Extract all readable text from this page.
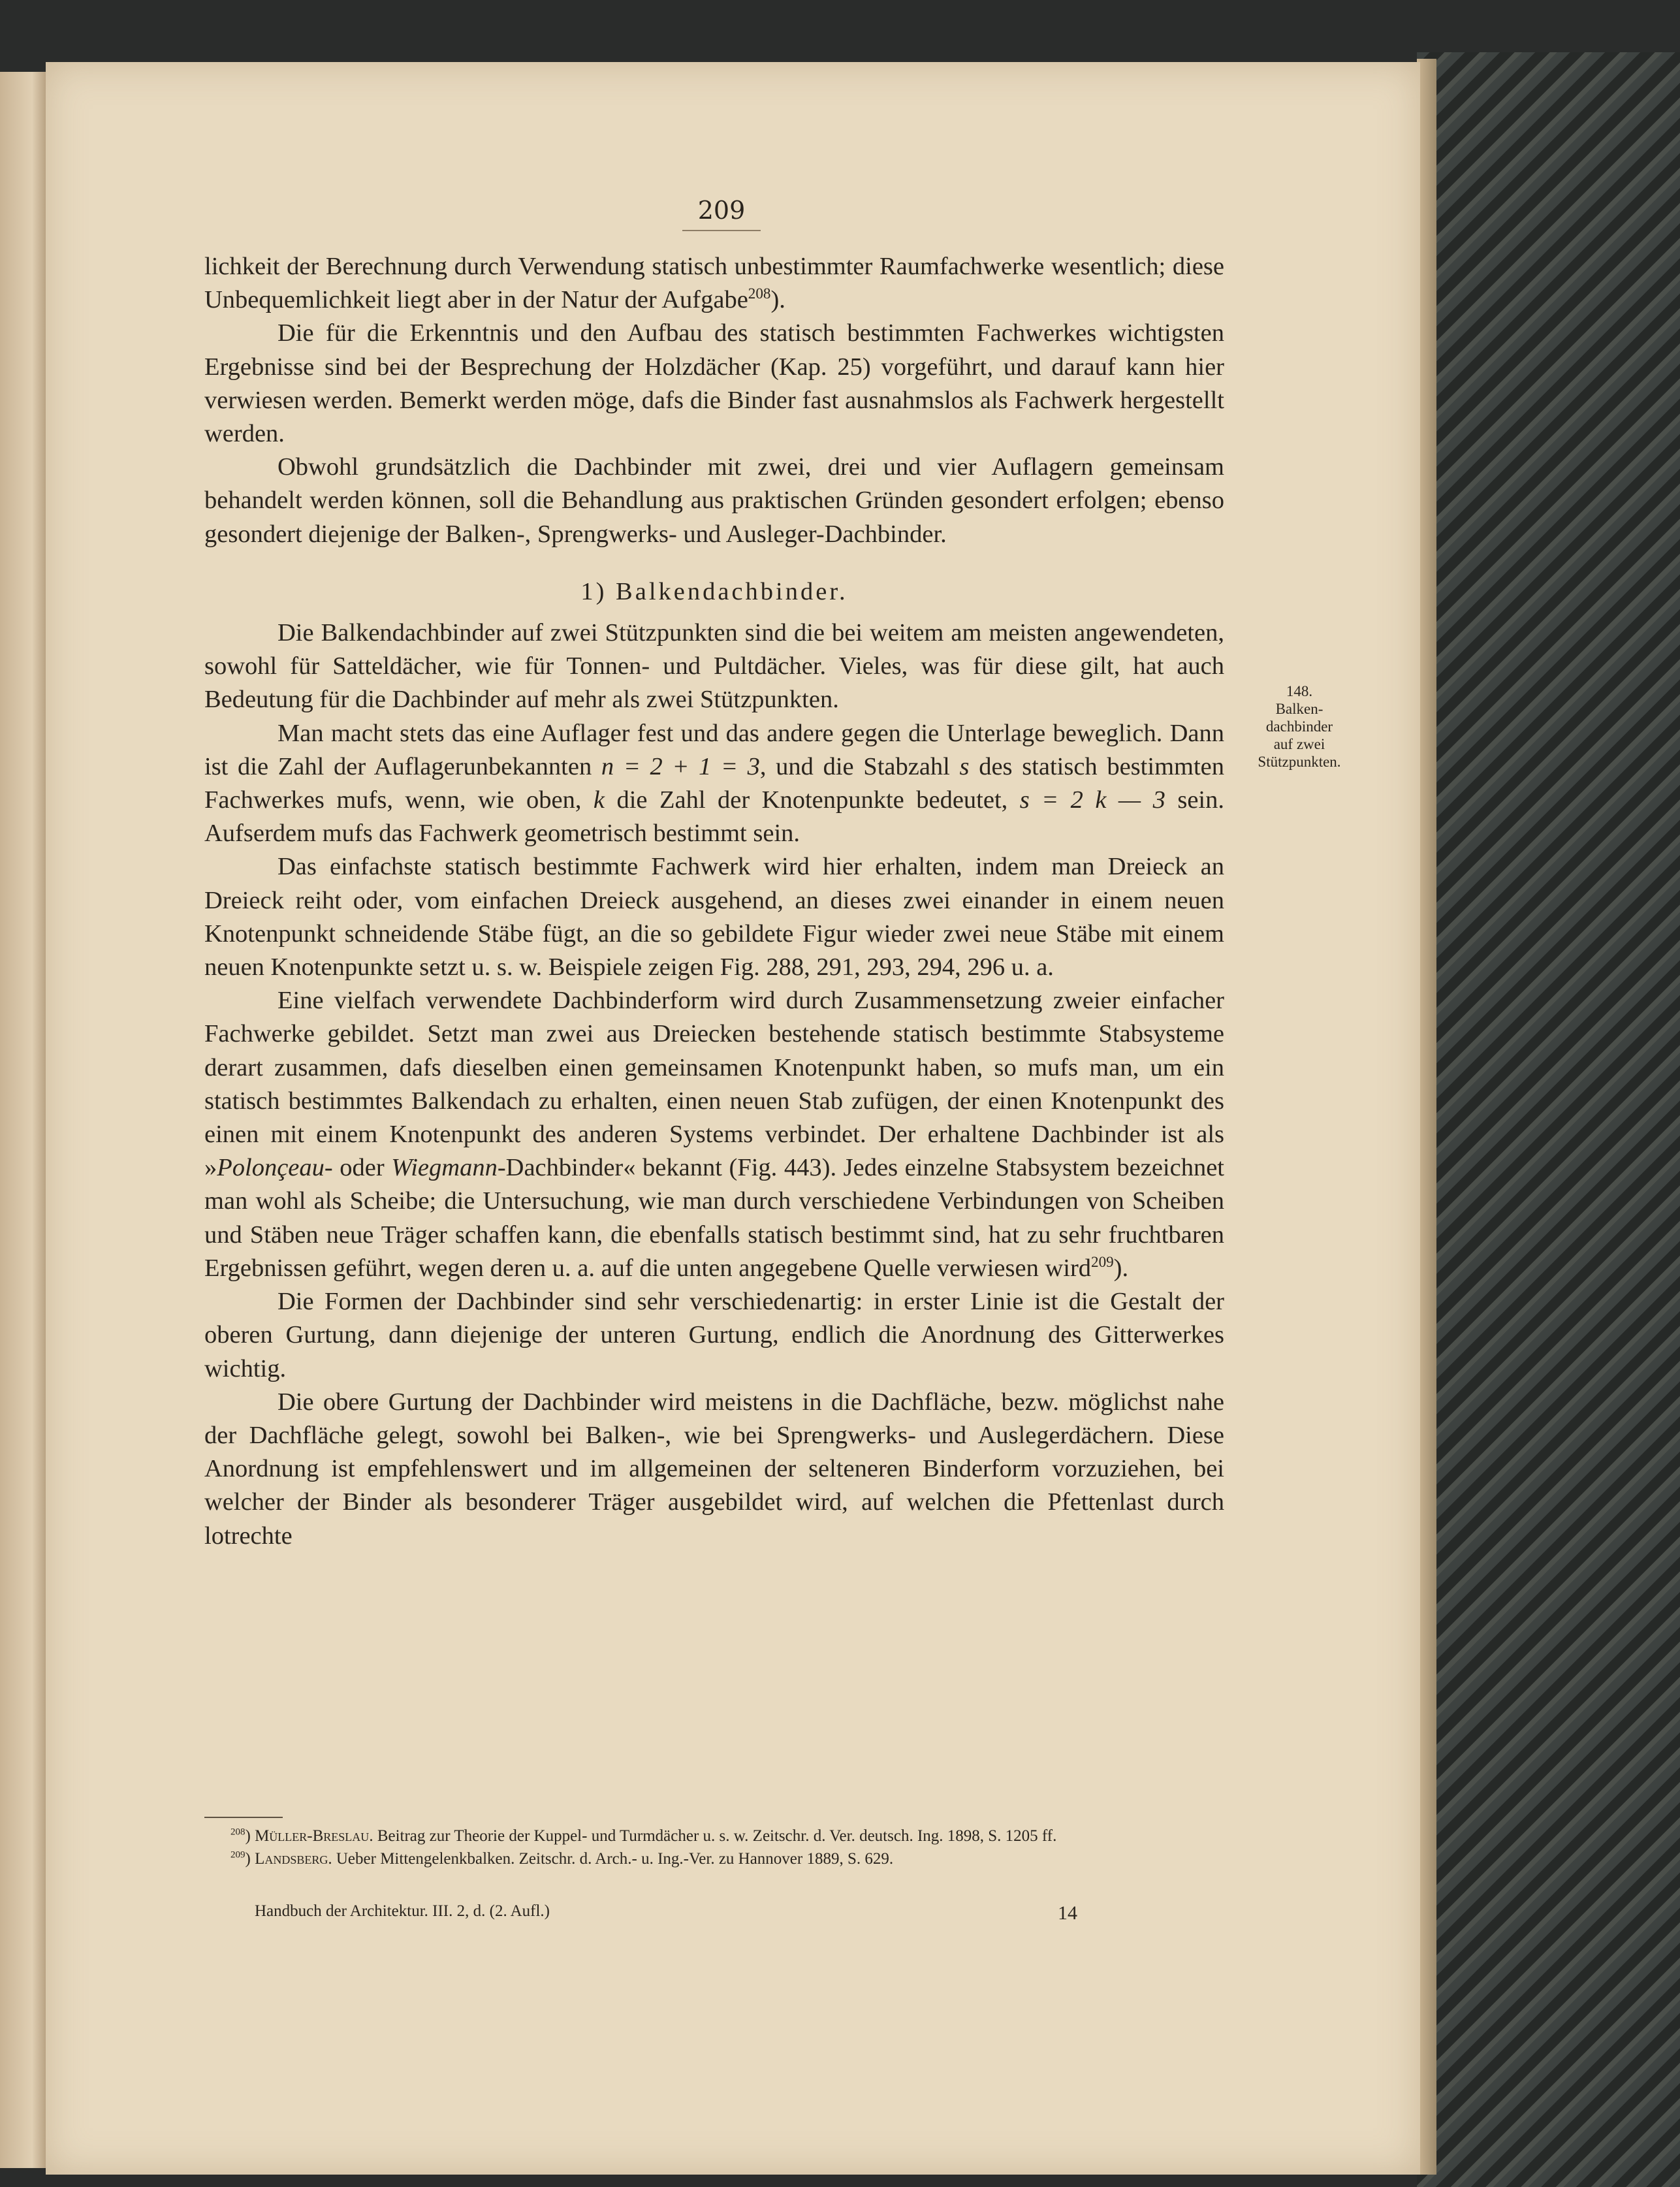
209

lichkeit der Berechnung durch Verwendung statisch unbestimmter Raumfachwerke wesentlich; diese Unbequemlichkeit liegt aber in der Natur der Aufgabe$^{208}$).

Die für die Erkenntnis und den Aufbau des statisch bestimmten Fachwerkes wichtigsten Ergebnisse sind bei der Besprechung der Holzdächer (Kap. 25) vorgeführt, und darauf kann hier verwiesen werden. Bemerkt werden möge, dafs die Binder fast ausnahmslos als Fachwerk hergestellt werden.

Obwohl grundsätzlich die Dachbinder mit zwei, drei und vier Auflagern gemeinsam behandelt werden können, soll die Behandlung aus praktischen Gründen gesondert erfolgen; ebenso gesondert diejenige der Balken-, Sprengwerks- und Ausleger-Dachbinder.

1) Balkendachbinder.

Die Balkendachbinder auf zwei Stützpunkten sind die bei weitem am meisten angewendeten, sowohl für Satteldächer, wie für Tonnen- und Pultdächer. Vieles, was für diese gilt, hat auch Bedeutung für die Dachbinder auf mehr als zwei Stützpunkten.

Man macht stets das eine Auflager fest und das andere gegen die Unterlage beweglich. Dann ist die Zahl der Auflagerunbekannten n = 2 + 1 = 3, und die Stabzahl s des statisch bestimmten Fachwerkes mufs, wenn, wie oben, k die Zahl der Knotenpunkte bedeutet, s = 2 k — 3 sein. Aufserdem mufs das Fachwerk geometrisch bestimmt sein.

Das einfachste statisch bestimmte Fachwerk wird hier erhalten, indem man Dreieck an Dreieck reiht oder, vom einfachen Dreieck ausgehend, an dieses zwei einander in einem neuen Knotenpunkt schneidende Stäbe fügt, an die so gebildete Figur wieder zwei neue Stäbe mit einem neuen Knotenpunkte setzt u. s. w. Beispiele zeigen Fig. 288, 291, 293, 294, 296 u. a.

Eine vielfach verwendete Dachbinderform wird durch Zusammensetzung zweier einfacher Fachwerke gebildet. Setzt man zwei aus Dreiecken bestehende statisch bestimmte Stabsysteme derart zusammen, dafs dieselben einen gemeinsamen Knotenpunkt haben, so mufs man, um ein statisch bestimmtes Balkendach zu erhalten, einen neuen Stab zufügen, der einen Knotenpunkt des einen mit einem Knotenpunkt des anderen Systems verbindet. Der erhaltene Dachbinder ist als »Polonçeau- oder Wiegmann-Dachbinder« bekannt (Fig. 443). Jedes einzelne Stabsystem bezeichnet man wohl als Scheibe; die Untersuchung, wie man durch verschiedene Verbindungen von Scheiben und Stäben neue Träger schaffen kann, die ebenfalls statisch bestimmt sind, hat zu sehr fruchtbaren Ergebnissen geführt, wegen deren u. a. auf die unten angegebene Quelle verwiesen wird$^{209}$).

Die Formen der Dachbinder sind sehr verschiedenartig: in erster Linie ist die Gestalt der oberen Gurtung, dann diejenige der unteren Gurtung, endlich die Anordnung des Gitterwerkes wichtig.

Die obere Gurtung der Dachbinder wird meistens in die Dachfläche, bezw. möglichst nahe der Dachfläche gelegt, sowohl bei Balken-, wie bei Sprengwerks- und Auslegerdächern. Diese Anordnung ist empfehlenswert und im allgemeinen der selteneren Binderform vorzuziehen, bei welcher der Binder als besonderer Träger ausgebildet wird, auf welchen die Pfettenlast durch lotrechte

148.
Balken-
dachbinder
auf zwei
Stützpunkten.

$^{208}$) Müller-Breslau. Beitrag zur Theorie der Kuppel- und Turmdächer u. s. w. Zeitschr. d. Ver. deutsch. Ing. 1898, S. 1205 ff.

$^{209}$) Landsberg. Ueber Mittengelenkbalken. Zeitschr. d. Arch.- u. Ing.-Ver. zu Hannover 1889, S. 629.

Handbuch der Architektur. III. 2, d. (2. Aufl.)	14
